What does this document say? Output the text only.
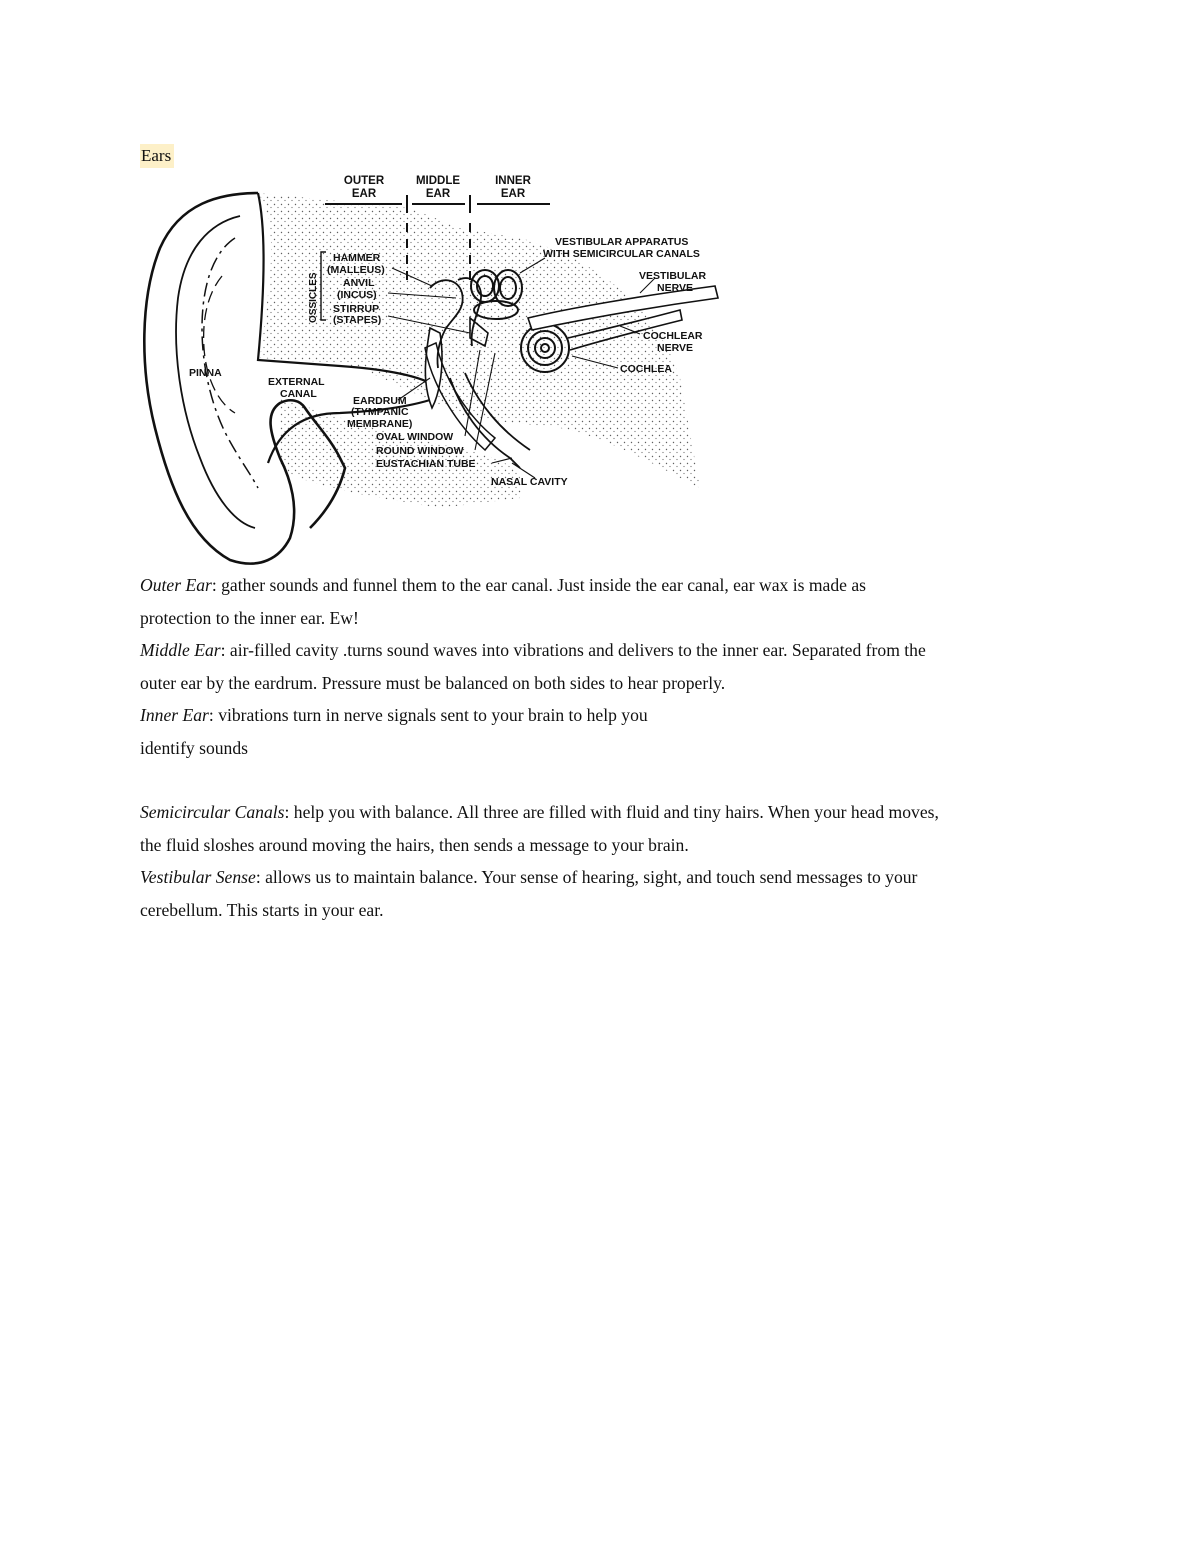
Ears
OUTER
EAR
MIDDLE
EAR
INNER
EAR
OSSICLES
HAMMER
(MALLEUS)
ANVIL
(INCUS)
STIRRUP
(STAPES)
VESTIBULAR APPARATUS
WITH SEMICIRCULAR CANALS
VESTIBULAR
NERVE
COCHLEAR
NERVE
COCHLEA
PINNA
EXTERNAL
CANAL
EARDRUM
(TYMPANIC
MEMBRANE)
OVAL WINDOW
ROUND WINDOW
EUSTACHIAN TUBE
NASAL CAVITY

Outer Ear: gather sounds and funnel them to the ear canal. Just inside the ear canal, ear wax is made as
protection to the inner ear. Ew!

Middle Ear: air-filled cavity .turns sound waves into vibrations and delivers to the inner ear. Separated from the
outer ear by the eardrum. Pressure must be balanced on both sides to hear properly.

Inner Ear: vibrations turn in nerve signals sent to your brain to help you
identify sounds

Semicircular Canals: help you with balance. All three are filled with fluid and tiny hairs. When your head moves,
the fluid sloshes around moving the hairs, then sends a message to your brain.

Vestibular Sense: allows us to maintain balance. Your sense of hearing, sight, and touch send messages to your
cerebellum. This starts in your ear.
